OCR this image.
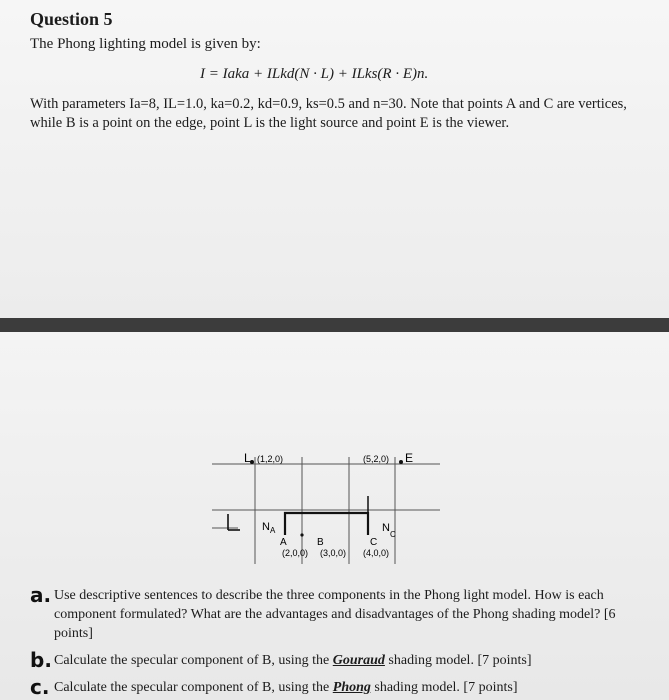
Question 5
The Phong lighting model is given by:
I = Iaka + ILkd(N · L) + ILks(R · E)n.
With parameters Ia=8, IL=1.0, ka=0.2, kd=0.9, ks=0.5 and n=30. Note that points A and C are vertices, while B is a point on the edge, point L is the light source and point E is the viewer.
L (1,2,0)	(5,2,0) E
N A	N
C
A	B	C
(2,0,0) (3,0,0) (4,0,0)
a. Use descriptive sentences to describe the three components in the Phong light model. How is each component formulated? What are the advantages and disadvantages of the Phong shading model? [6 points]
b. Calculate the specular component of B, using the Gouraud shading model. [7 points]
c. Calculate the specular component of B, using the Phong shading model. [7 points]
